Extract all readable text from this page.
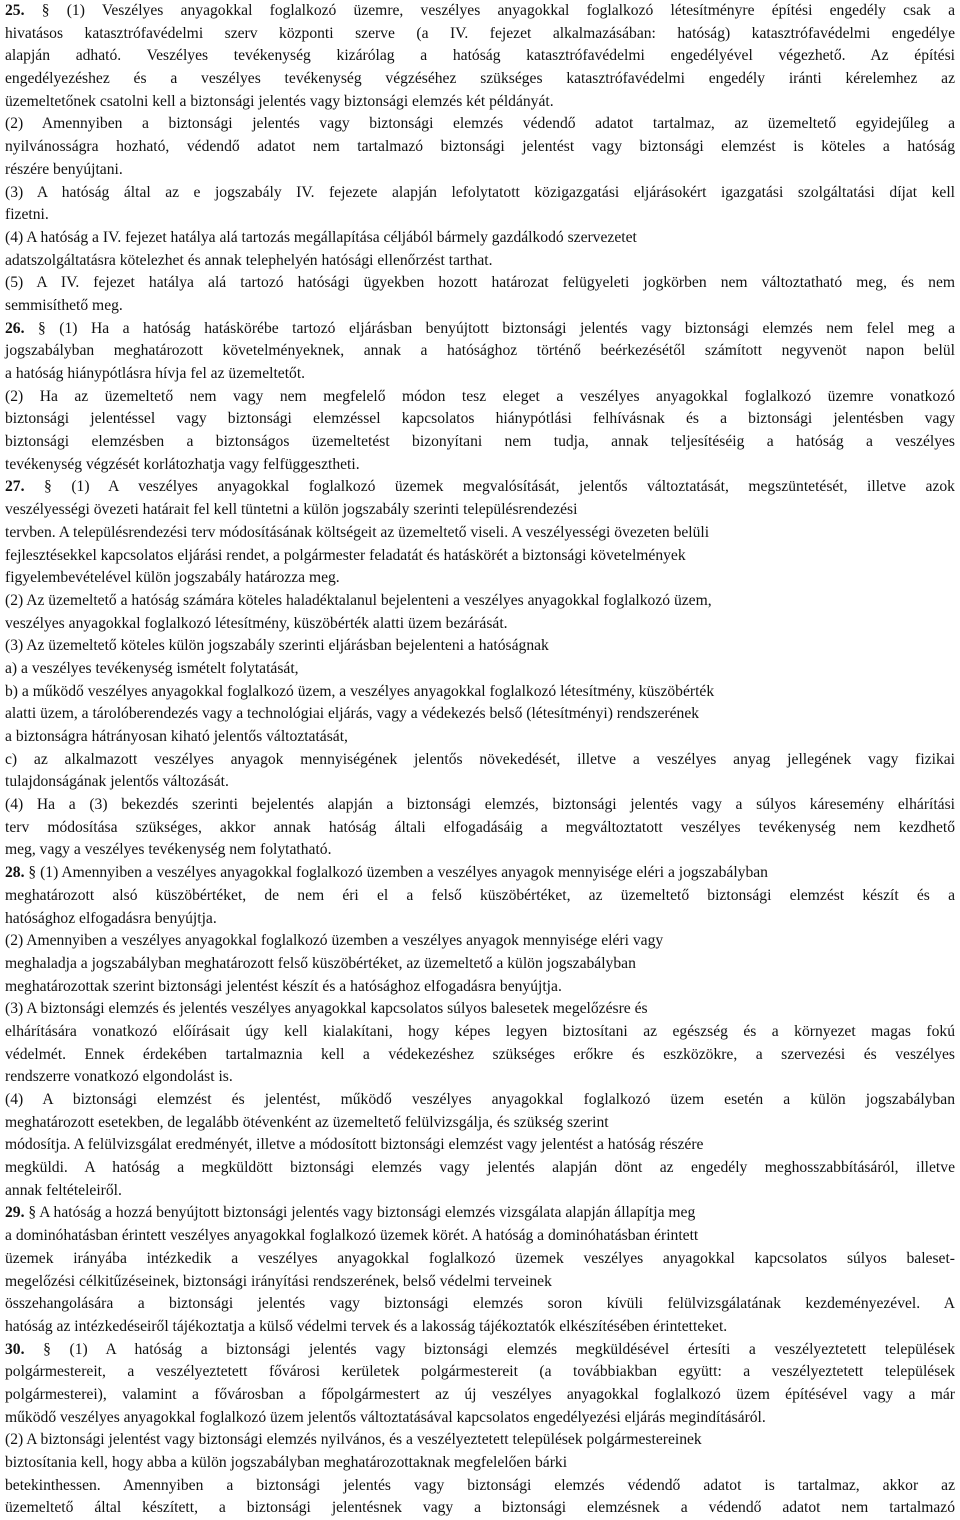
25. § (1) Veszélyes anyagokkal foglalkozó üzemre, veszélyes anyagokkal foglalkozó létesítményre építési engedély csak a
hivatásos katasztrófavédelmi szerv központi szerve (a IV. fejezet alkalmazásában: hatóság) katasztrófavédelmi engedélye
alapján adható. Veszélyes tevékenység kizárólag a hatóság katasztrófavédelmi engedélyével végezhető. Az építési
engedélyezéshez és a veszélyes tevékenység végzéséhez szükséges katasztrófavédelmi engedély iránti kérelemhez az
üzemeltetőnek csatolni kell a biztonsági jelentés vagy biztonsági elemzés két példányát.
(2) Amennyiben a biztonsági jelentés vagy biztonsági elemzés védendő adatot tartalmaz, az üzemeltető egyidejűleg a
nyilvánosságra hozható, védendő adatot nem tartalmazó biztonsági jelentést vagy biztonsági elemzést is köteles a hatóság
részére benyújtani.
(3) A hatóság által az e jogszabály IV. fejezete alapján lefolytatott közigazgatási eljárásokért igazgatási szolgáltatási díjat kell
fizetni.
(4) A hatóság a IV. fejezet hatálya alá tartozás megállapítása céljából bármely gazdálkodó szervezetet
adatszolgáltatásra kötelezhet és annak telephelyén hatósági ellenőrzést tarthat.
(5) A IV. fejezet hatálya alá tartozó hatósági ügyekben hozott határozat felügyeleti jogkörben nem változtatható meg, és nem
semmisíthető meg.
26. § (1) Ha a hatóság hatáskörébe tartozó eljárásban benyújtott biztonsági jelentés vagy biztonsági elemzés nem felel meg a
jogszabályban meghatározott követelményeknek, annak a hatósághoz történő beérkezésétől számított negyvenöt napon belül
a hatóság hiánypótlásra hívja fel az üzemeltetőt.
(2) Ha az üzemeltető nem vagy nem megfelelő módon tesz eleget a veszélyes anyagokkal foglalkozó üzemre vonatkozó
biztonsági jelentéssel vagy biztonsági elemzéssel kapcsolatos hiánypótlási felhívásnak és a biztonsági jelentésben vagy
biztonsági elemzésben a biztonságos üzemeltetést bizonyítani nem tudja, annak teljesítéséig a hatóság a veszélyes
tevékenység végzését korlátozhatja vagy felfüggesztheti.
27. § (1) A veszélyes anyagokkal foglalkozó üzemek megvalósítását, jelentős változtatását, megszüntetését, illetve azok
veszélyességi övezeti határait fel kell tüntetni a külön jogszabály szerinti településrendezési
tervben. A településrendezési terv módosításának költségeit az üzemeltető viseli. A veszélyességi övezeten belüli
fejlesztésekkel kapcsolatos eljárási rendet, a polgármester feladatát és hatáskörét a biztonsági követelmények
figyelembevételével külön jogszabály határozza meg.
(2) Az üzemeltető a hatóság számára köteles haladéktalanul bejelenteni a veszélyes anyagokkal foglalkozó üzem,
veszélyes anyagokkal foglalkozó létesítmény, küszöbérték alatti üzem bezárását.
(3) Az üzemeltető köteles külön jogszabály szerinti eljárásban bejelenteni a hatóságnak
a) a veszélyes tevékenység ismételt folytatását,
b) a működő veszélyes anyagokkal foglalkozó üzem, a veszélyes anyagokkal foglalkozó létesítmény, küszöbérték
alatti üzem, a tárolóberendezés vagy a technológiai eljárás, vagy a védekezés belső (létesítményi) rendszerének
a biztonságra hátrányosan kiható jelentős változtatását,
c) az alkalmazott veszélyes anyagok mennyiségének jelentős növekedését, illetve a veszélyes anyag jellegének vagy fizikai
tulajdonságának jelentős változását.
(4) Ha a (3) bekezdés szerinti bejelentés alapján a biztonsági elemzés, biztonsági jelentés vagy a súlyos káresemény elhárítási
terv módosítása szükséges, akkor annak hatóság általi elfogadásáig a megváltoztatott veszélyes tevékenység nem kezdhető
meg, vagy a veszélyes tevékenység nem folytatható.
28. § (1) Amennyiben a veszélyes anyagokkal foglalkozó üzemben a veszélyes anyagok mennyisége eléri a jogszabályban
meghatározott alsó küszöbértéket, de nem éri el a felső küszöbértéket, az üzemeltető biztonsági elemzést készít és a
hatósághoz elfogadásra benyújtja.
(2) Amennyiben a veszélyes anyagokkal foglalkozó üzemben a veszélyes anyagok mennyisége eléri vagy
meghaladja a jogszabályban meghatározott felső küszöbértéket, az üzemeltető a külön jogszabályban
meghatározottak szerint biztonsági jelentést készít és a hatósághoz elfogadásra benyújtja.
(3) A biztonsági elemzés és jelentés veszélyes anyagokkal kapcsolatos súlyos balesetek megelőzésre és
elhárítására vonatkozó előírásait úgy kell kialakítani, hogy képes legyen biztosítani az egészség és a környezet magas fokú
védelmét. Ennek érdekében tartalmaznia kell a védekezéshez szükséges erőkre és eszközökre, a szervezési és veszélyes
rendszerre vonatkozó elgondolást is.
(4) A biztonsági elemzést és jelentést, működő veszélyes anyagokkal foglalkozó üzem esetén a külön jogszabályban
meghatározott esetekben, de legalább ötévenként az üzemeltető felülvizsgálja, és szükség szerint
módosítja. A felülvizsgálat eredményét, illetve a módosított biztonsági elemzést vagy jelentést a hatóság részére
megküldi. A hatóság a megküldött biztonsági elemzés vagy jelentés alapján dönt az engedély meghosszabbításáról, illetve
annak feltételeiről.
29. § A hatóság a hozzá benyújtott biztonsági jelentés vagy biztonsági elemzés vizsgálata alapján állapítja meg
a dominóhatásban érintett veszélyes anyagokkal foglalkozó üzemek körét. A hatóság a dominóhatásban érintett
üzemek irányába intézkedik a veszélyes anyagokkal foglalkozó üzemek veszélyes anyagokkal kapcsolatos súlyos baleset-
megelőzési célkitűzéseinek, biztonsági irányítási rendszerének, belső védelmi terveinek
összehangolására a biztonsági jelentés vagy biztonsági elemzés soron kívüli felülvizsgálatának kezdeményezével. A
hatóság az intézkedéseiről tájékoztatja a külső védelmi tervek és a lakosság tájékoztatók elkészítésében érintetteket.
30. § (1) A hatóság a biztonsági jelentés vagy biztonsági elemzés megküldésével értesíti a veszélyeztetett települések
polgármestereit, a veszélyeztetett fővárosi kerületek polgármestereit (a továbbiakban együtt: a veszélyeztetett települések
polgármesterei), valamint a fővárosban a főpolgármestert az új veszélyes anyagokkal foglalkozó üzem építésével vagy a már
működő veszélyes anyagokkal foglalkozó üzem jelentős változtatásával kapcsolatos engedélyezési eljárás megindításáról.
(2) A biztonsági jelentést vagy biztonsági elemzés nyilvános, és a veszélyeztetett települések polgármestereinek
biztosítania kell, hogy abba a külön jogszabályban meghatározottaknak megfelelően bárki
betekinthessen. Amennyiben a biztonsági jelentés vagy biztonsági elemzés védendő adatot is tartalmaz, akkor az
üzemeltető által készített, a biztonsági jelentésnek vagy a biztonsági elemzésnek a védendő adatot nem tartalmazó
